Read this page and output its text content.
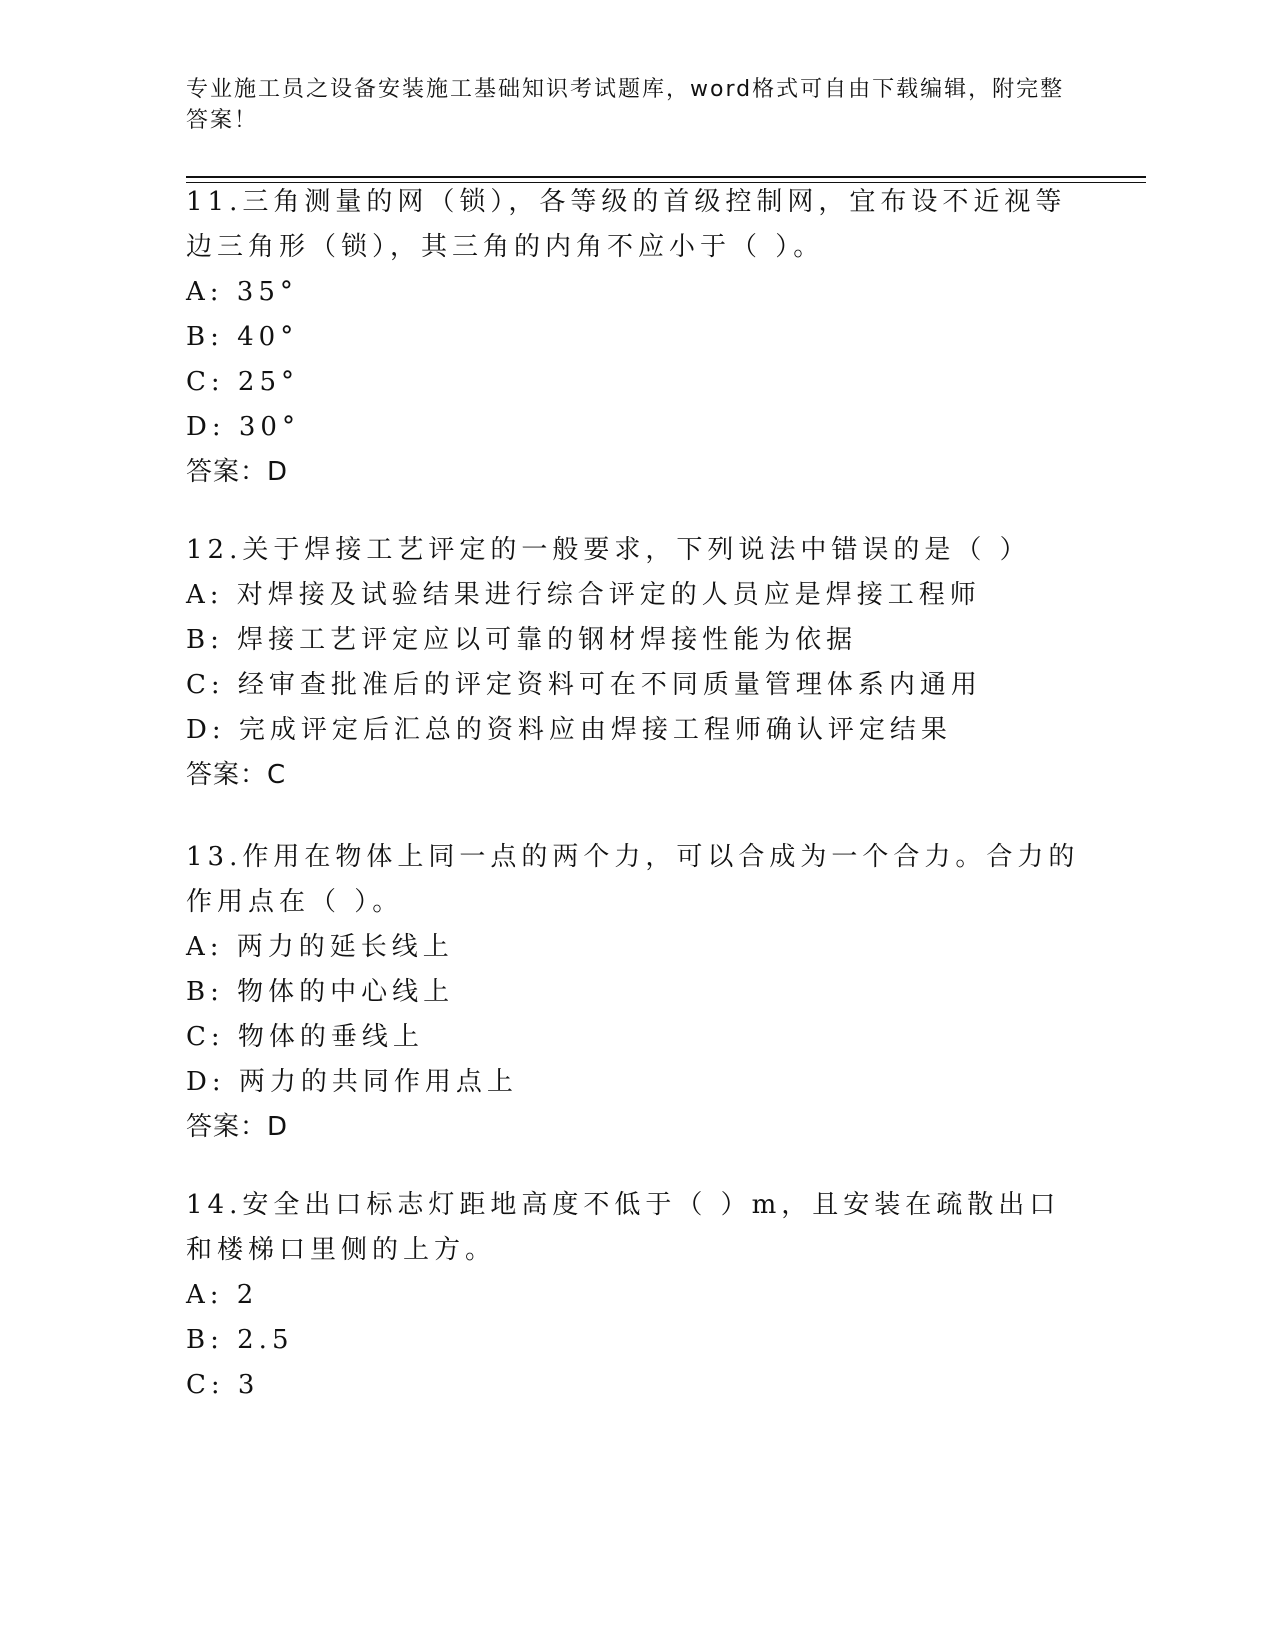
专业施工员之设备安装施工基础知识考试题库，word格式可自由下载编辑，附完整答案！

11.三角测量的网（锁），各等级的首级控制网，宜布设不近视等边三角形（锁），其三角的内角不应小于（ ）。

A: 35°

B: 40°

C: 25°

D: 30°

答案：D

12.关于焊接工艺评定的一般要求，下列说法中错误的是（ ）

A: 对焊接及试验结果进行综合评定的人员应是焊接工程师

B: 焊接工艺评定应以可靠的钢材焊接性能为依据

C: 经审查批准后的评定资料可在不同质量管理体系内通用

D: 完成评定后汇总的资料应由焊接工程师确认评定结果

答案：C

13.作用在物体上同一点的两个力，可以合成为一个合力。合力的作用点在（ ）。

A: 两力的延长线上

B: 物体的中心线上

C: 物体的垂线上

D: 两力的共同作用点上

答案：D

14.安全出口标志灯距地高度不低于（ ）m，且安装在疏散出口和楼梯口里侧的上方。

A: 2

B: 2.5

C: 3
